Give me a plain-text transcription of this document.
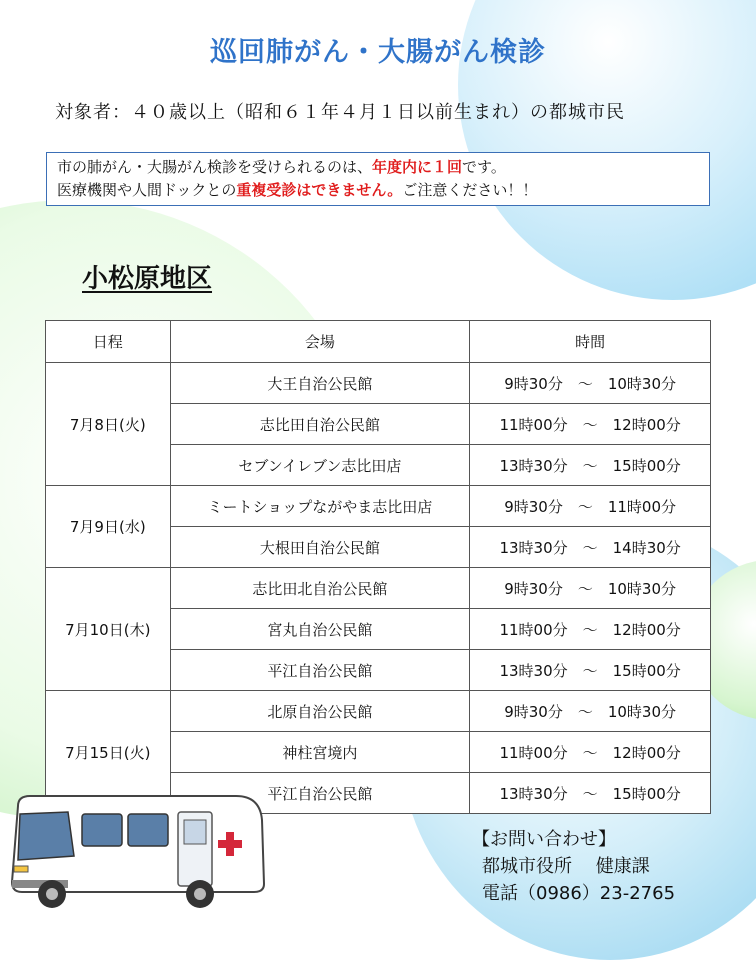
巡回肺がん・大腸がん検診
対象者：４０歳以上（昭和６１年４月１日以前生まれ）の都城市民
市の肺がん・大腸がん検診を受けられるのは、年度内に１回です。
医療機関や人間ドックとの重複受診はできません。ご注意ください！！
小松原地区
日程	会場	時間
7月8日(火)	大王自治公民館	9時30分　～　10時30分
	志比田自治公民館	11時00分　～　12時00分
	セブンイレブン志比田店	13時30分　～　15時00分
7月9日(水)	ミートショップながやま志比田店	9時30分　～　11時00分
	大根田自治公民館	13時30分　～　14時30分
7月10日(木)	志比田北自治公民館	9時30分　～　10時30分
	宮丸自治公民館	11時00分　～　12時00分
	平江自治公民館	13時30分　～　15時00分
7月15日(火)	北原自治公民館	9時30分　～　10時30分
	神柱宮境内	11時00分　～　12時00分
	平江自治公民館	13時30分　～　15時00分
【お問い合わせ】
都城市役所　 健康課
電話（0986）23-2765
